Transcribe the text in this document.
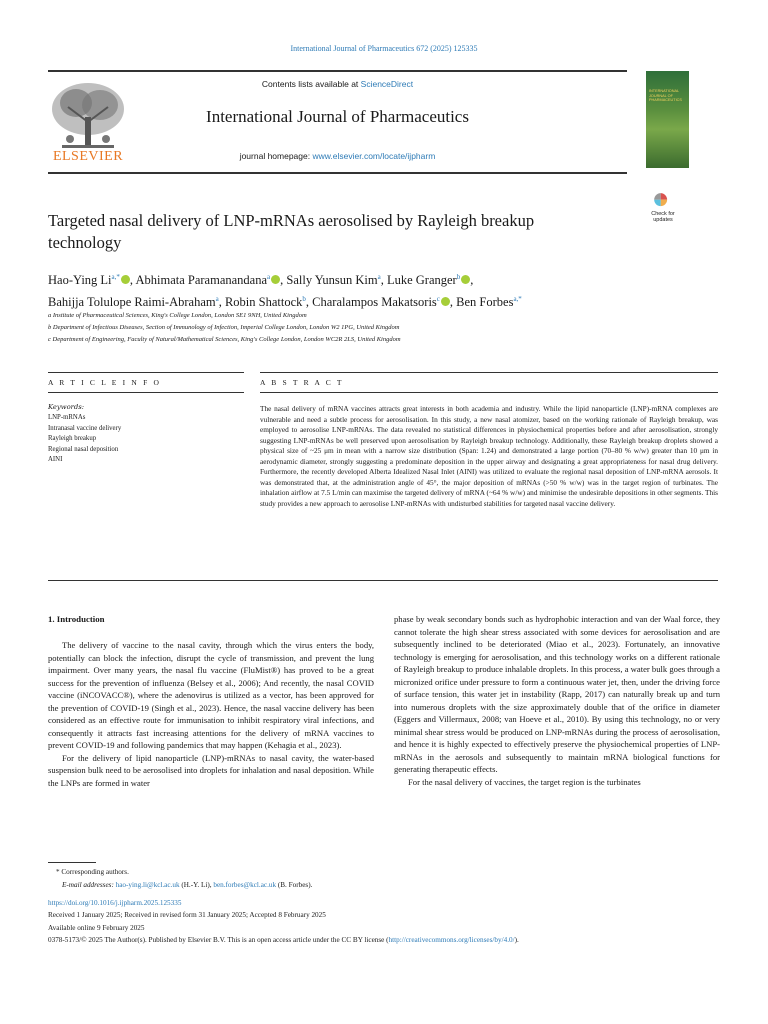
International Journal of Pharmaceutics 672 (2025) 125335
ELSEVIER
Contents lists available at ScienceDirect
International Journal of Pharmaceutics
journal homepage: www.elsevier.com/locate/ijpharm
INTERNATIONAL JOURNAL OF PHARMACEUTICS
Targeted nasal delivery of LNP-mRNAs aerosolised by Rayleigh breakup technology
Check for
updates
Hao-Ying $Li^{a,*}$ , Abhimata Paramanandana$^a$ , Sally Yunsun Kim$^a$, Luke Granger$^b$ ,
Bahijja Tolulope Raimi-Abraham$^a$, Robin Shattock$^b$, Charalampos Makatsoris$^c$ , Ben Forbes$^{a,*}$
a Institute of Pharmaceutical Sciences, King's College London, London SE1 9NH, United Kingdom
b Department of Infectious Diseases, Section of Immunology of Infection, Imperial College London, London W2 1PG, United Kingdom
c Department of Engineering, Faculty of Natural/Mathematical Sciences, King's College London, London WC2R 2LS, United Kingdom
A R T I C L E I N F O	A B S T R A C T
Keywords:
LNP-mRNAs
Intranasal vaccine delivery
Rayleigh breakup
Regional nasal deposition
AINI
The nasal delivery of mRNA vaccines attracts great interests in both academia and industry. While the lipid nanoparticle (LNP)-mRNA complexes are vulnerable and need a subtle process for aerosolisation. In this study, a new nasal atomizer, based on the working rationale of Rayleigh breakup, was employed to aerosolise LNP-mRNAs. The data revealed no statistical differences in physiochemical properties before and after aerosolisation, strongly suggesting LNP-mRNAs be well preserved upon aerosolisation by Rayleigh breakup technology. Additionally, these Rayleigh breakup droplets showed a physical size of ~25 μm in mean with a narrow size distribution (Span: 1.24) and demonstrated a large portion (70–80 % w/w) greater than 10 μm in aerodynamic diameter, strongly suggesting a predominate deposition in the upper airway and designating a great appropriateness for nasal drug delivery. Furthermore, the recently developed Alberta Idealized Nasal Inlet (AINI) was utilized to evaluate the regional nasal deposition of LNP-mRNA aerosols. It was demonstrated that, at the administration angle of 45°, the major deposition of mRNAs (>50 % w/w) was in the target region of turbinates. The inhalation airflow at 7.5 L/min can maximise the targeted delivery of mRNA (~64 % w/w) and minimise the undesirable depositions in other segments. This study provides a new approach to aerosolise LNP-mRNAs with undisturbed stabilities for targeted nasal vaccine delivery.
1. Introduction

The delivery of vaccine to the nasal cavity, through which the virus enters the body, potentially can block the infection, disrupt the cycle of transmission, and prevent the lung impairment. Over many years, the nasal flu vaccine (FluMist®) has proved to be a great success for the prevention of influenza (Belsey et al., 2006); And recently, the nasal COVID vaccine (iNCOVACC®), where the adenovirus is utilized as a vector, has been approved for the prevention of COVID-19 (Singh et al., 2023). Hence, the nasal vaccine delivery has been considered as an effective route for immunisation to inhibit respiratory viral infections, and consequently it attracts fast increasing attentions for the delivery of mRNA vaccines to prevent COVID-19 and following pandemics that may happen (Kehagia et al., 2023).

For the delivery of lipid nanoparticle (LNP)-mRNAs to nasal cavity, the water-based suspension bulk need to be aerosolised into droplets for inhalation and nasal deposition. While the LNPs are formed in water

phase by weak secondary bonds such as hydrophobic interaction and van der Waal force, they cannot tolerate the high shear stress associated with some devices for aerosolisation and are subsequently inclined to be deteriorated (Miao et al., 2023). Fortunately, an innovative technology is emerging for aerosolisation, and this technology works on a different rationale of Rayleigh breakup to produce inhalable droplets. In this process, a water bulk goes through a micronized orifice under pressure to form a continuous water jet, then, under the driving force of surface tension, this water jet in instability (Rapp, 2017) can naturally break up and turn into numerous droplets with the size approximately double that of the orifice in diameter (Eggers and Villermaux, 2008; van Hoeve et al., 2010). By using this technology, no or very minimal shear stress would be produced on LNP-mRNAs during the process of aerosolisation, and hence it is highly expected to effectively preserve the physiochemical properties of LNP-mRNAs in the aerosols and subsequently to maintain mRNA biological functions for generating therapeutic effects.

For the nasal delivery of vaccines, the target region is the turbinates

* Corresponding authors.
E-mail addresses: hao-ying.li@kcl.ac.uk (H.-Y. Li), ben.forbes@kcl.ac.uk (B. Forbes).
https://doi.org/10.1016/j.ijpharm.2025.125335
Received 1 January 2025; Received in revised form 31 January 2025; Accepted 8 February 2025
Available online 9 February 2025
0378-5173/© 2025 The Author(s). Published by Elsevier B.V. This is an open access article under the CC BY license (http://creativecommons.org/licenses/by/4.0/).
